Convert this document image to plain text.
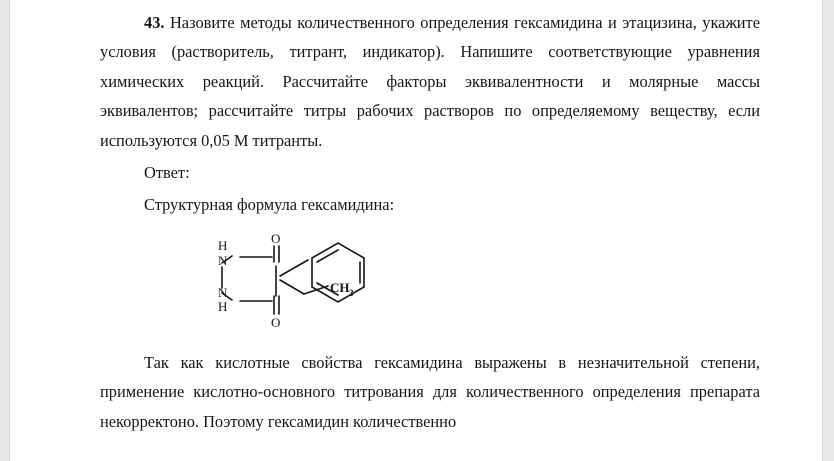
43. Назовите методы количественного определения гексамидина и этацизина, укажите условия (растворитель, титрант, индикатор). Напишите соответствующие уравнения химических реакций. Рассчитайте факторы эквивалентности и молярные массы эквивалентов; рассчитайте титры рабочих растворов по определяемому веществу, если используются 0,05 М титранты.

Ответ:

Структурная формула гексамидина:

H
N
N
H
O
O
CH 3

Так как кислотные свойства гексамидина выражены в незначительной степени, применение кислотно-основного титрования для количественного определения препарата некорректоно. Поэтому гексамидин количественно
